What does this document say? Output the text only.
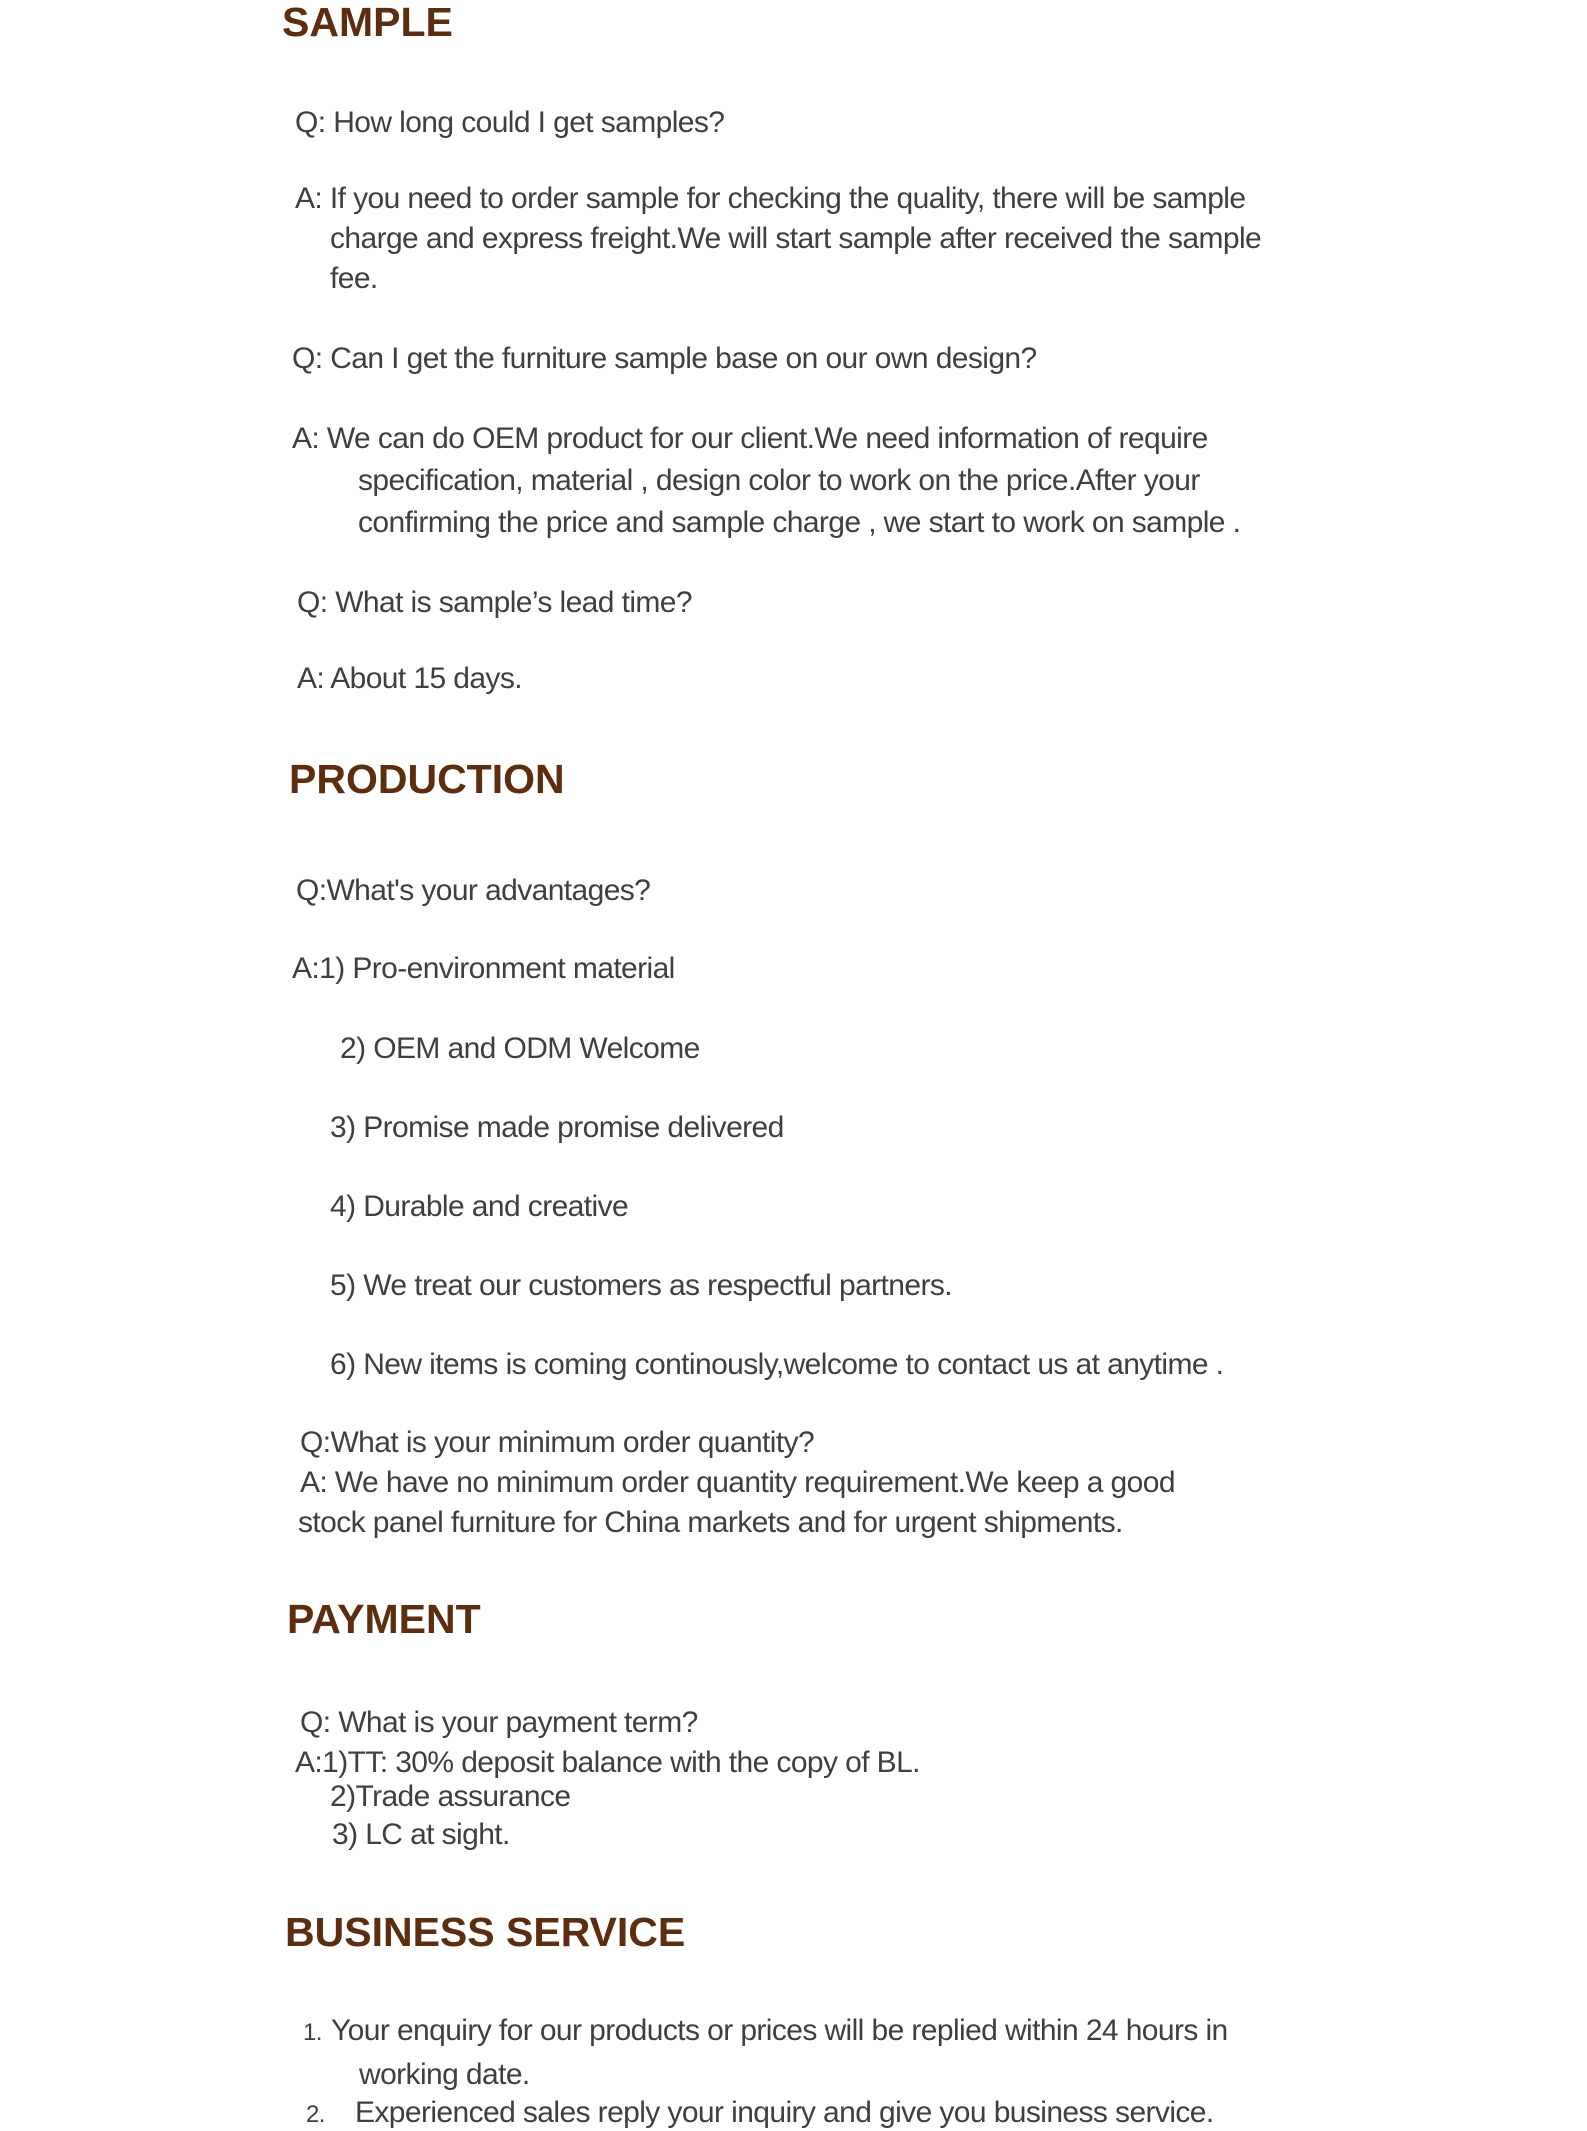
SAMPLE
Q: How long could I get samples?
A: If you need to order sample for checking the quality, there will be sample
charge and express freight.We will start sample after received the sample
fee.
Q: Can I get the furniture sample base on our own design?
A: We can do OEM product for our client.We need information of require
specification, material , design color to work on the price.After your
confirming the price and sample charge , we start to work on sample .
Q: What is sample’s lead time?
A: About 15 days.
PRODUCTION
Q:What's your advantages?
A:1) Pro-environment material
2) OEM and ODM Welcome
3) Promise made promise delivered
4) Durable and creative
5) We treat our customers as respectful partners.
6) New items is coming continously,welcome to contact us at anytime .
Q:What is your minimum order quantity?
A: We have no minimum order quantity requirement.We keep a good
stock panel furniture for China markets and for urgent shipments.
PAYMENT
Q: What is your payment term?
A:1)TT: 30% deposit balance with the copy of BL.
2)Trade assurance
3) LC at sight.
BUSINESS SERVICE
1. Your enquiry for our products or prices will be replied within 24 hours in
working date.
2. Experienced sales reply your inquiry and give you business service.
